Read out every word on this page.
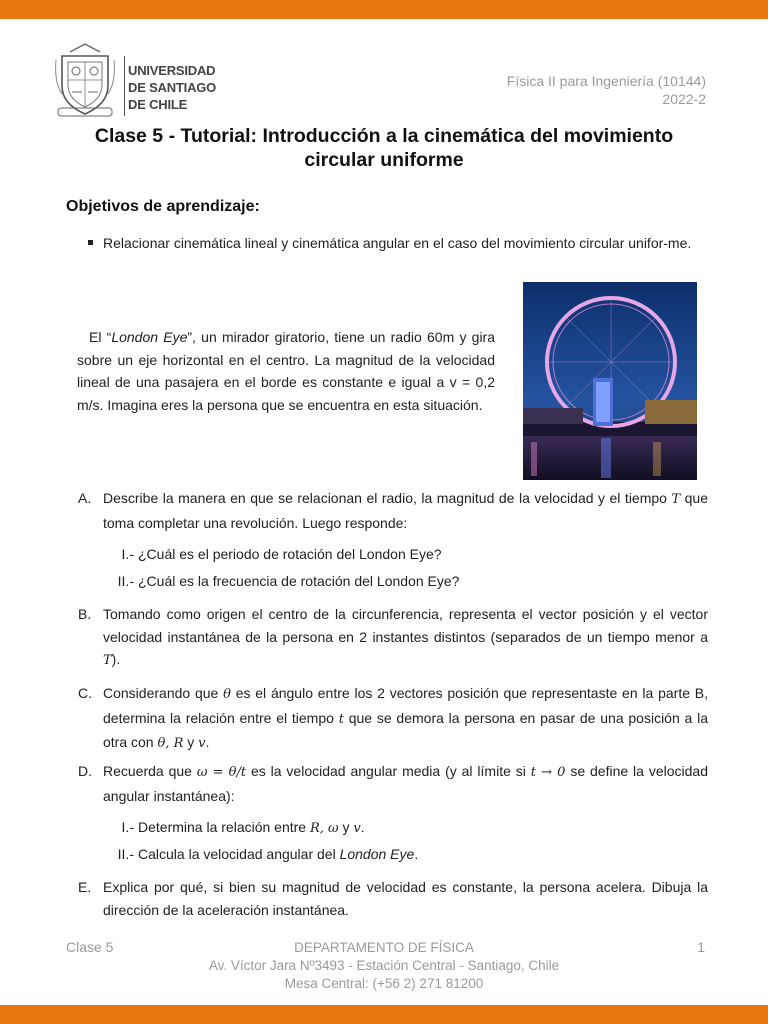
UNIVERSIDAD
DE SANTIAGO
DE CHILE
Física II para Ingeniería (10144)
2022-2
Clase 5 - Tutorial: Introducción a la cinemática del movimiento circular uniforme
Objetivos de aprendizaje:
Relacionar cinemática lineal y cinemática angular en el caso del movimiento circular unifor-me.
El “London Eye”, un mirador giratorio, tiene un radio 60m y gira sobre un eje horizontal en el centro. La magnitud de la velocidad lineal de una pasajera en el borde es constante e igual a v = 0,2 m/s. Imagina eres la persona que se encuentra en esta situación.
A. Describe la manera en que se relacionan el radio, la magnitud de la velocidad y el tiempo T que toma completar una revolución. Luego responde:
I.- ¿Cuál es el periodo de rotación del London Eye?
II.- ¿Cuál es la frecuencia de rotación del London Eye?
B. Tomando como origen el centro de la circunferencia, representa el vector posición y el vector velocidad instantánea de la persona en 2 instantes distintos (separados de un tiempo menor a T).
C. Considerando que θ es el ángulo entre los 2 vectores posición que representaste en la parte B, determina la relación entre el tiempo t que se demora la persona en pasar de una posición a la otra con θ, R y v.
D. Recuerda que ω = θ/t es la velocidad angular media (y al límite si t → 0 se define la velocidad angular instantánea):
I.- Determina la relación entre R, ω y v.
II.- Calcula la velocidad angular del London Eye.
E. Explica por qué, si bien su magnitud de velocidad es constante, la persona acelera. Dibuja la dirección de la aceleración instantánea.
Clase 5	DEPARTAMENTO DE FÍSICA
Av. Víctor Jara Nº3493 - Estación Central - Santiago, Chile
Mesa Central: (+56 2) 271 81200
1
